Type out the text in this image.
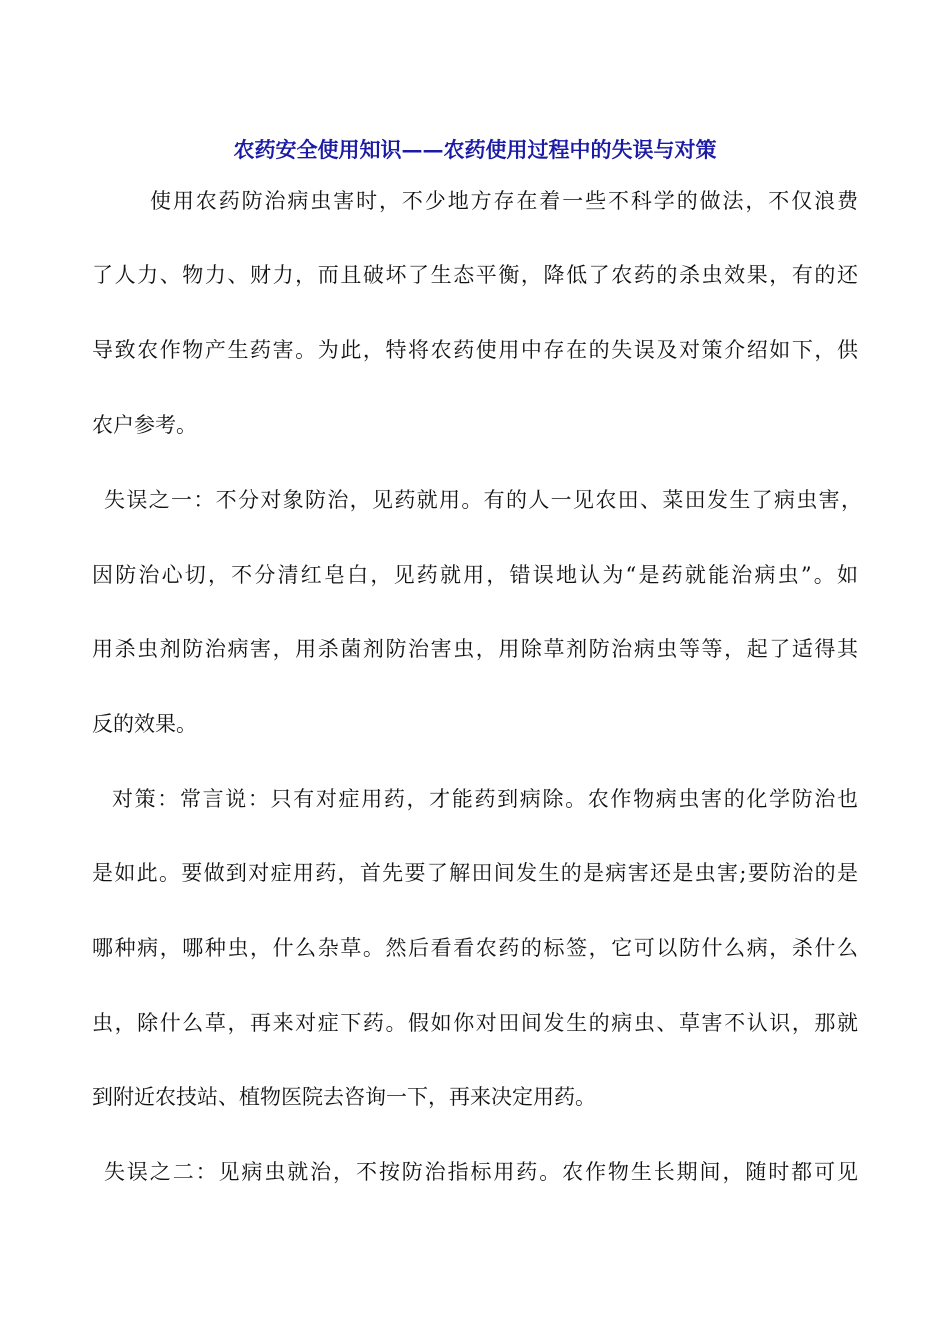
农药安全使用知识——农药使用过程中的失误与对策
使用农药防治病虫害时，不少地方存在着一些不科学的做法，不仅浪费
了人力、物力、财力，而且破坏了生态平衡，降低了农药的杀虫效果，有的还
导致农作物产生药害。为此，特将农药使用中存在的失误及对策介绍如下，供
农户参考。
失误之一：不分对象防治，见药就用。有的人一见农田、菜田发生了病虫害，
因防治心切，不分清红皂白，见药就用，错误地认为“是药就能治病虫”。如
用杀虫剂防治病害，用杀菌剂防治害虫，用除草剂防治病虫等等，起了适得其
反的效果。
对策：常言说：只有对症用药，才能药到病除。农作物病虫害的化学防治也
是如此。要做到对症用药，首先要了解田间发生的是病害还是虫害;要防治的是
哪种病，哪种虫，什么杂草。然后看看农药的标签，它可以防什么病，杀什么
虫，除什么草，再来对症下药。假如你对田间发生的病虫、草害不认识，那就
到附近农技站、植物医院去咨询一下，再来决定用药。
失误之二：见病虫就治，不按防治指标用药。农作物生长期间，随时都可见
